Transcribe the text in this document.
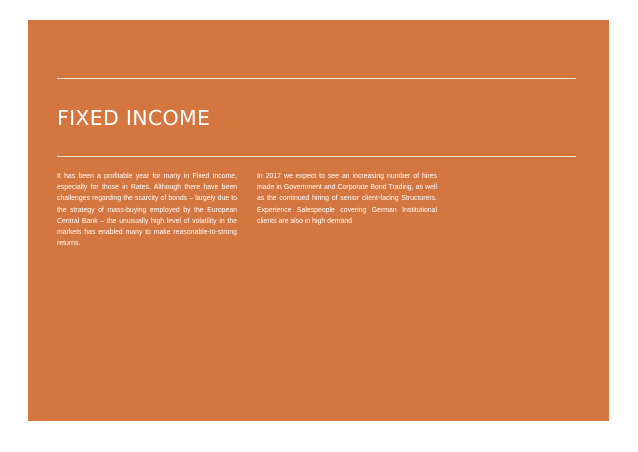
FIXED INCOME

It has been a profitable year for many in Fixed Income, especially for those in Rates. Although there have been challenges regarding the scarcity of bonds – largely due to the strategy of mass-buying employed by the European Central Bank – the unusually high level of volatility in the markets has enabled many to make reasonable-to-strong returns.

In 2017 we expect to see an increasing number of hires made in Government and Corporate Bond Trading, as well as the continued hiring of senior client-facing Structurers. Experience Salespeople covering German Institutional clients are also in high demand
